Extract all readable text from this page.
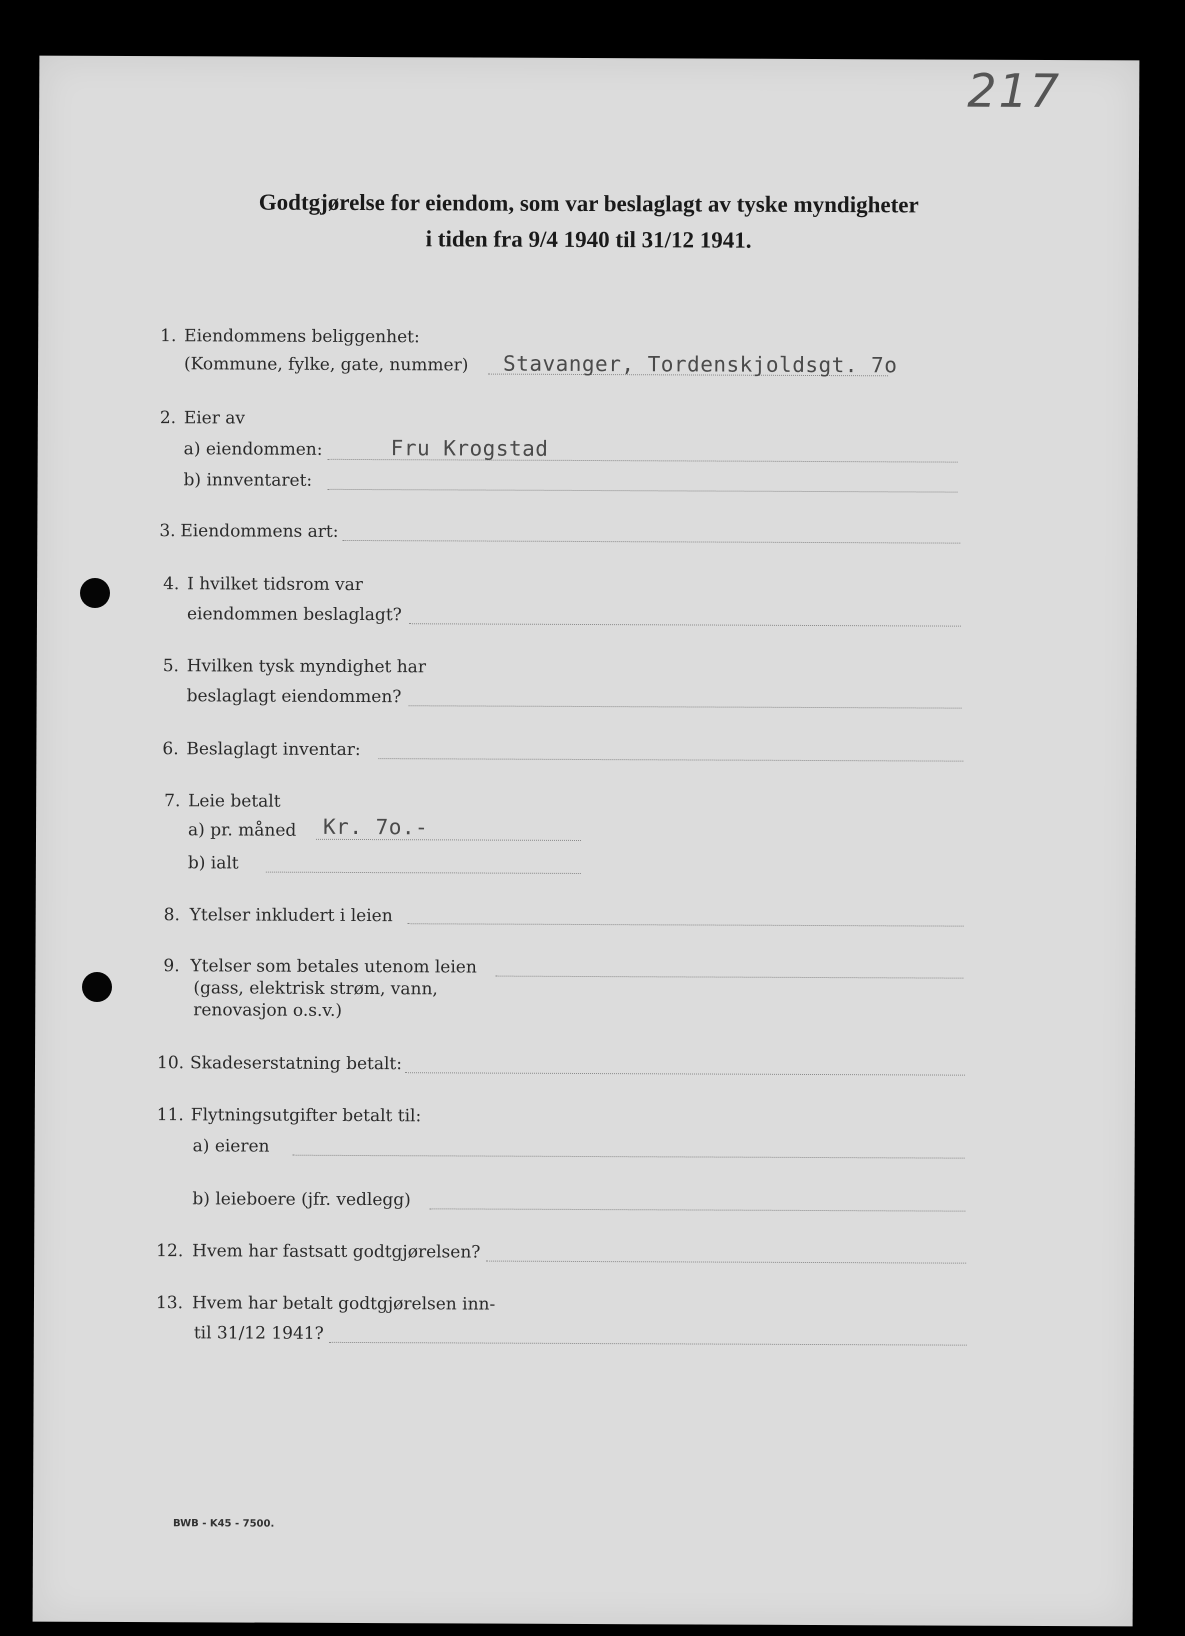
217
Godtgjørelse for eiendom, som var beslaglagt av tyske myndigheter
i tiden fra 9/4 1940 til 31/12 1941.
1. Eiendommens beliggenhet:
(Kommune, fylke, gate, nummer) Stavanger, Tordenskjoldsgt. 7o
2. Eier av
a) eiendommen:	Fru Krogstad
b) innventaret:
3. Eiendommens art:
4. I hvilket tidsrom var
eiendommen beslaglagt?
5. Hvilken tysk myndighet har
beslaglagt eiendommen?
6. Beslaglagt inventar:
7. Leie betalt
a) pr. måned Kr. 7o.-
b) ialt
8. Ytelser inkludert i leien
9. Ytelser som betales utenom leien
(gass, elektrisk strøm, vann,
renovasjon o.s.v.)
10. Skadeserstatning betalt:
11. Flytningsutgifter betalt til:
a) eieren
b) leieboere (jfr. vedlegg)
12. Hvem har fastsatt godtgjørelsen?
13. Hvem har betalt godtgjørelsen inn-
til 31/12 1941?
BWB - K45 - 7500.
